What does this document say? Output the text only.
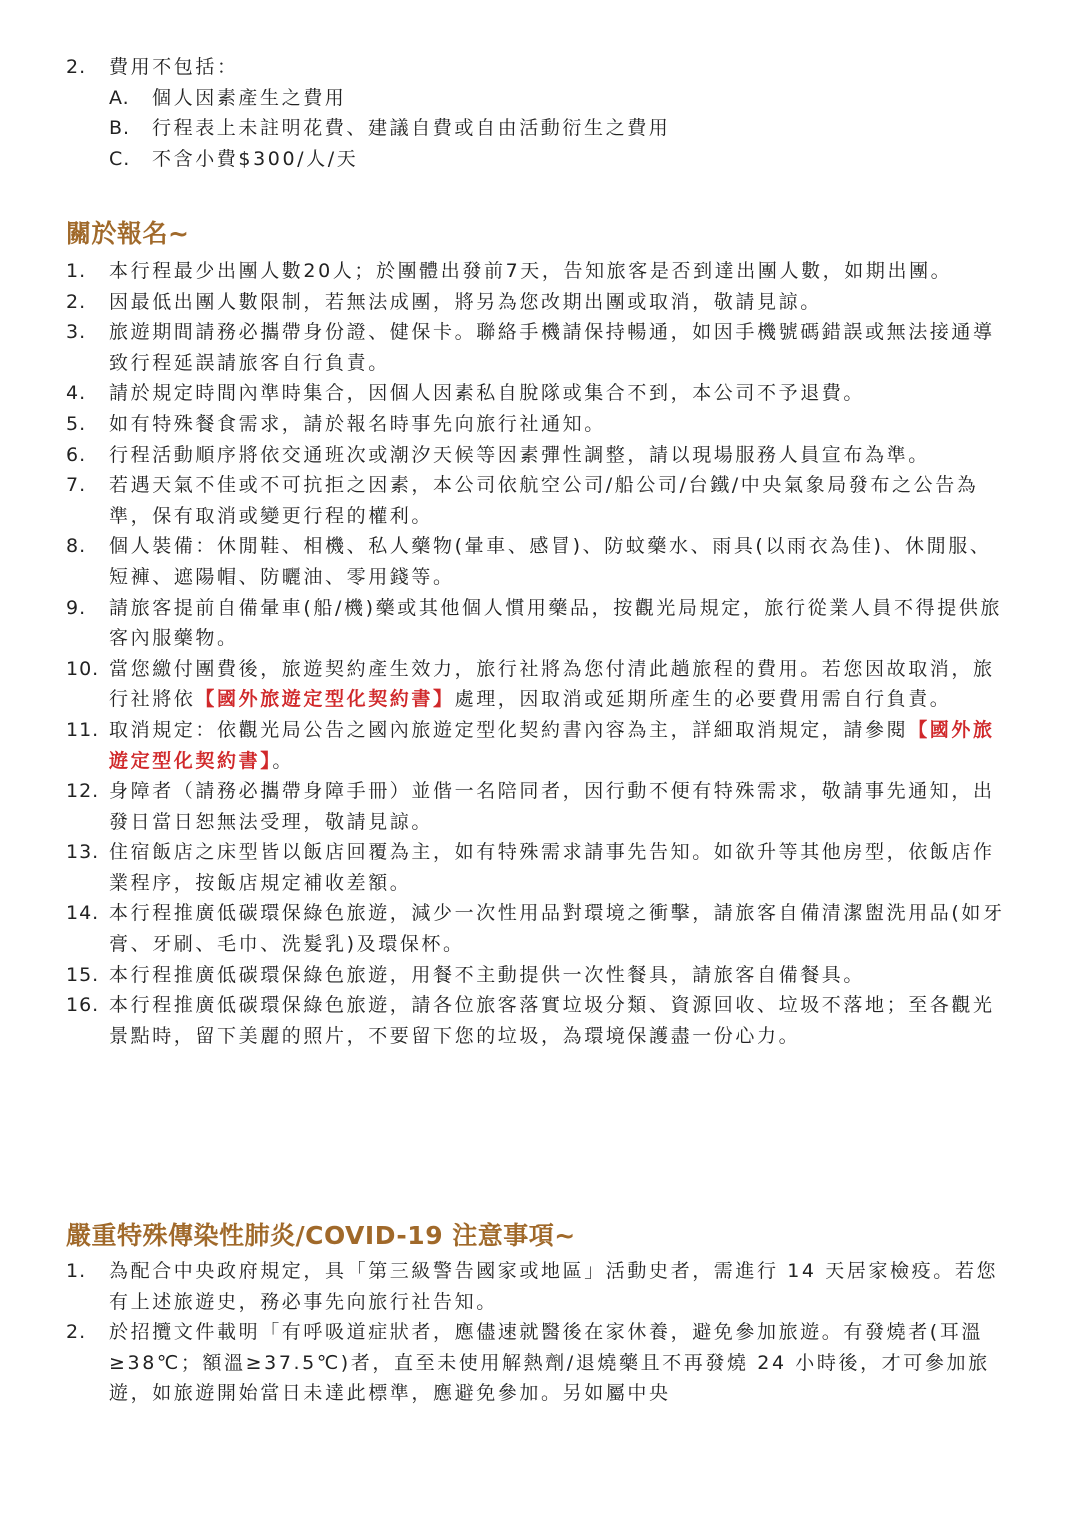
2.	費用不包括：
A.	個人因素產生之費用
B.	行程表上未註明花費、建議自費或自由活動衍生之費用
C.	不含小費$300/人/天
關於報名~
1.	本行程最少出團人數20人；於團體出發前7天，告知旅客是否到達出團人數，如期出團。
2.	因最低出團人數限制，若無法成團，將另為您改期出團或取消，敬請見諒。
3.	旅遊期間請務必攜帶身份證、健保卡。聯絡手機請保持暢通，如因手機號碼錯誤或無法接通導致行程延誤請旅客自行負責。
4.	請於規定時間內準時集合，因個人因素私自脫隊或集合不到，本公司不予退費。
5.	如有特殊餐食需求，請於報名時事先向旅行社通知。
6.	行程活動順序將依交通班次或潮汐天候等因素彈性調整，請以現場服務人員宣布為準。
7.	若遇天氣不佳或不可抗拒之因素，本公司依航空公司/船公司/台鐵/中央氣象局發布之公告為準，保有取消或變更行程的權利。
8.	個人裝備：休閒鞋、相機、私人藥物(暈車、感冒)、防蚊藥水、雨具(以雨衣為佳)、休閒服、短褲、遮陽帽、防曬油、零用錢等。
9.	請旅客提前自備暈車(船/機)藥或其他個人慣用藥品，按觀光局規定，旅行從業人員不得提供旅客內服藥物。
10. 當您繳付團費後，旅遊契約產生效力，旅行社將為您付清此趟旅程的費用。若您因故取消，旅行社將依【國外旅遊定型化契約書】處理，因取消或延期所產生的必要費用需自行負責。
11. 取消規定：依觀光局公告之國內旅遊定型化契約書內容為主，詳細取消規定，請參閱【國外旅遊定型化契約書】。
12. 身障者（請務必攜帶身障手冊）並偕一名陪同者，因行動不便有特殊需求，敬請事先通知，出發日當日恕無法受理，敬請見諒。
13. 住宿飯店之床型皆以飯店回覆為主，如有特殊需求請事先告知。如欲升等其他房型，依飯店作業程序，按飯店規定補收差額。
14. 本行程推廣低碳環保綠色旅遊，減少一次性用品對環境之衝擊，請旅客自備清潔盥洗用品(如牙膏、牙刷、毛巾、洗髮乳)及環保杯。
15. 本行程推廣低碳環保綠色旅遊，用餐不主動提供一次性餐具，請旅客自備餐具。
16. 本行程推廣低碳環保綠色旅遊，請各位旅客落實垃圾分類、資源回收、垃圾不落地；至各觀光景點時，留下美麗的照片，不要留下您的垃圾，為環境保護盡一份心力。
嚴重特殊傳染性肺炎/COVID-19 注意事項~
1.	為配合中央政府規定，具「第三級警告國家或地區」活動史者，需進行 14 天居家檢疫。若您有上述旅遊史，務必事先向旅行社告知。
2.	於招攬文件載明「有呼吸道症狀者，應儘速就醫後在家休養，避免參加旅遊。有發燒者(耳溫≥38℃；額溫≥37.5℃)者，直至未使用解熱劑/退燒藥且不再發燒 24 小時後，才可參加旅遊，如旅遊開始當日未達此標準，應避免參加。另如屬中央
